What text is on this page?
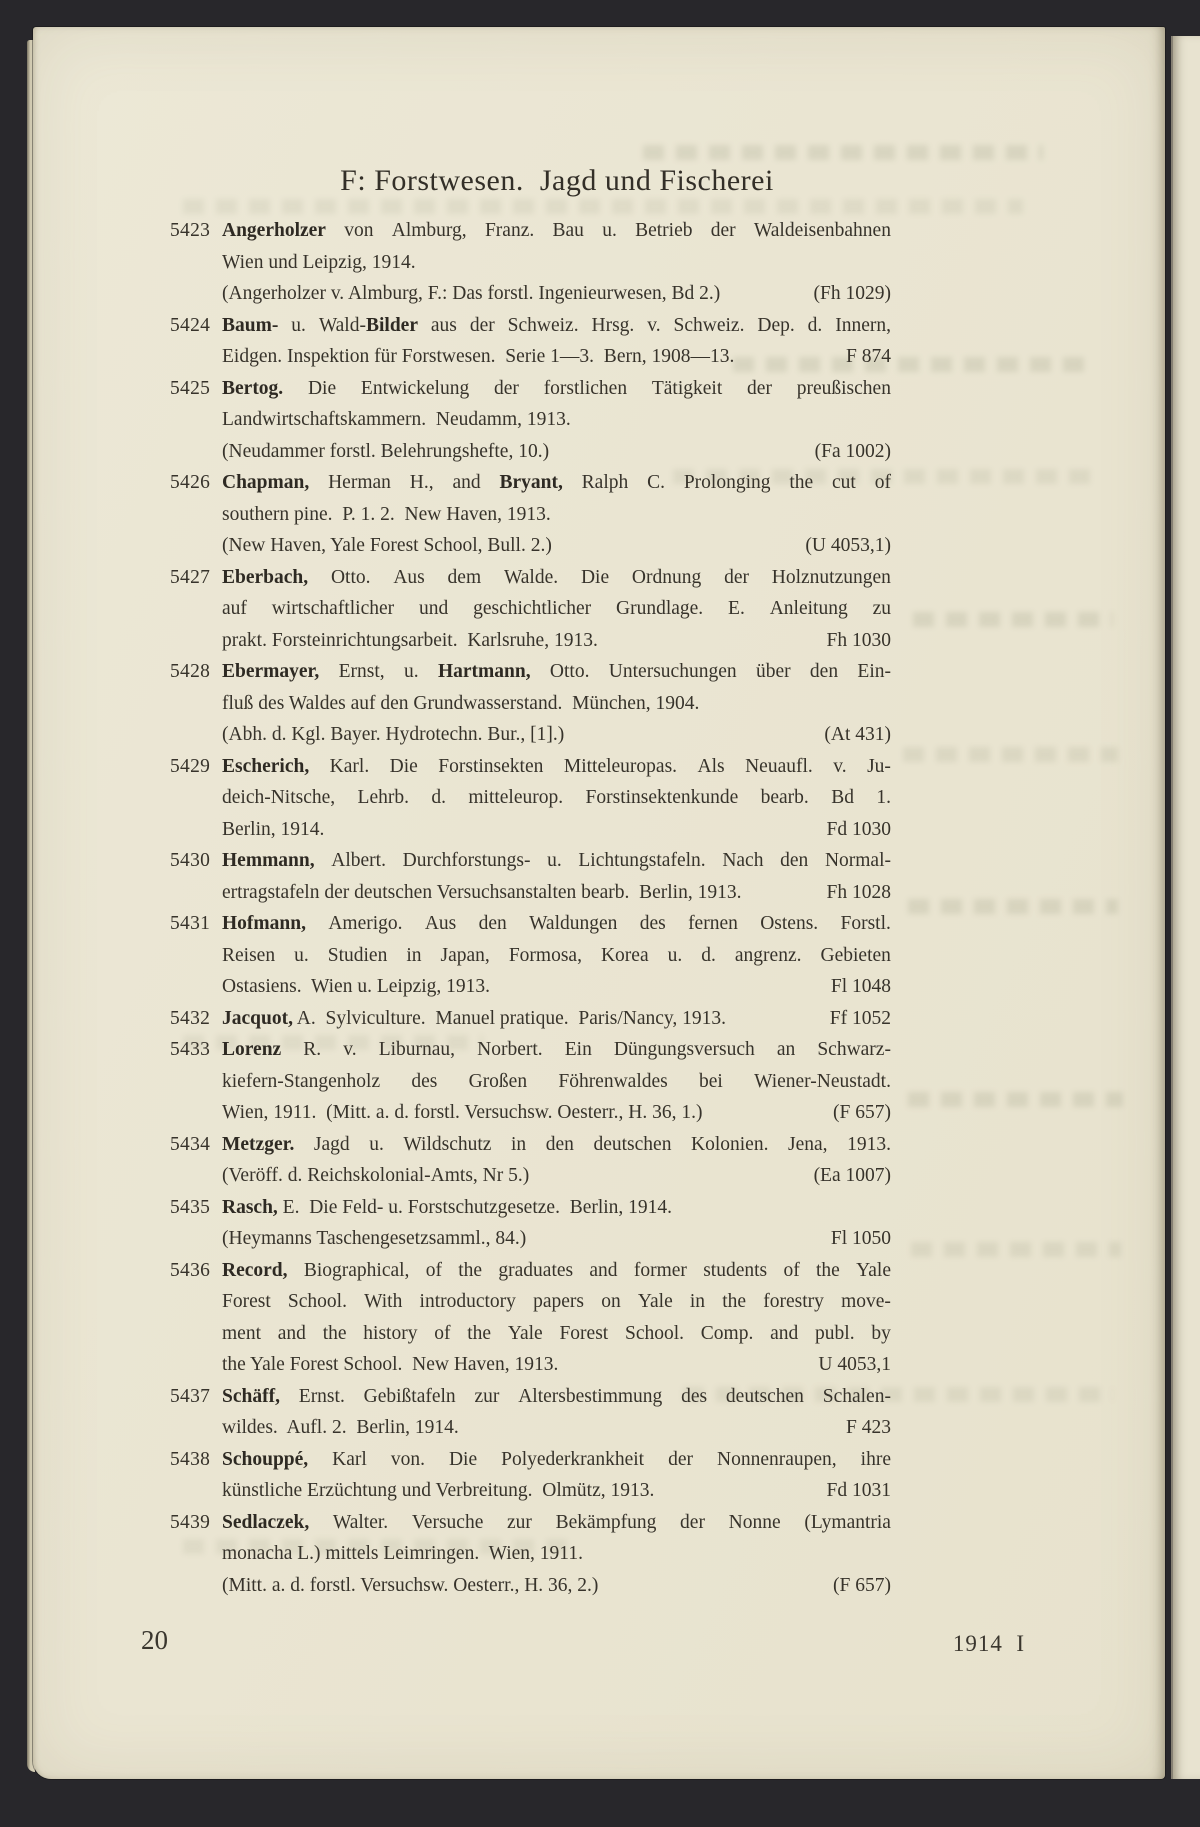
F: Forstwesen.  Jagd und Fischerei
5423 Angerholzer von Almburg, Franz. Bau u. Betrieb der Waldeisenbahnen
Wien und Leipzig, 1914.
(Angerholzer v. Almburg, F.: Das forstl. Ingenieurwesen, Bd 2.)	(Fh 1029)
5424 Baum- u. Wald-Bilder aus der Schweiz. Hrsg. v. Schweiz. Dep. d. Innern,
Eidgen. Inspektion für Forstwesen.  Serie 1—3.  Bern, 1908—13.	F 874
5425 Bertog. Die Entwickelung der forstlichen Tätigkeit der preußischen
Landwirtschaftskammern.  Neudamm, 1913.
(Neudammer forstl. Belehrungshefte, 10.)	(Fa 1002)
5426 Chapman, Herman H., and Bryant, Ralph C. Prolonging the cut of
southern pine.  P. 1. 2.  New Haven, 1913.
(New Haven, Yale Forest School, Bull. 2.)	(U 4053,1)
5427 Eberbach, Otto. Aus dem Walde. Die Ordnung der Holznutzungen
auf wirtschaftlicher und geschichtlicher Grundlage. E. Anleitung zu
prakt. Forsteinrichtungsarbeit.  Karlsruhe, 1913.	Fh 1030
5428 Ebermayer, Ernst, u. Hartmann, Otto. Untersuchungen über den Ein-
fluß des Waldes auf den Grundwasserstand.  München, 1904.
(Abh. d. Kgl. Bayer. Hydrotechn. Bur., [1].)	(At 431)
5429 Escherich, Karl. Die Forstinsekten Mitteleuropas. Als Neuaufl. v. Ju-
deich-Nitsche, Lehrb. d. mitteleurop. Forstinsektenkunde bearb. Bd 1.
Berlin, 1914.	Fd 1030
5430 Hemmann, Albert. Durchforstungs- u. Lichtungstafeln. Nach den Normal-
ertragstafeln der deutschen Versuchsanstalten bearb.  Berlin, 1913.	Fh 1028
5431 Hofmann, Amerigo. Aus den Waldungen des fernen Ostens. Forstl.
Reisen u. Studien in Japan, Formosa, Korea u. d. angrenz. Gebieten
Ostasiens.  Wien u. Leipzig, 1913.	Fl 1048
5432 Jacquot, A.  Sylviculture.  Manuel pratique.  Paris/Nancy, 1913.	Ff 1052
5433 Lorenz R. v. Liburnau, Norbert. Ein Düngungsversuch an Schwarz-
kiefern-Stangenholz des Großen Föhrenwaldes bei Wiener-Neustadt.
Wien, 1911.  (Mitt. a. d. forstl. Versuchsw. Oesterr., H. 36, 1.)	(F 657)
5434 Metzger. Jagd u. Wildschutz in den deutschen Kolonien. Jena, 1913.
(Veröff. d. Reichskolonial-Amts, Nr 5.)	(Ea 1007)
5435 Rasch, E.  Die Feld- u. Forstschutzgesetze.  Berlin, 1914.
(Heymanns Taschengesetzsamml., 84.)	Fl 1050
5436 Record, Biographical, of the graduates and former students of the Yale
Forest School. With introductory papers on Yale in the forestry move-
ment and the history of the Yale Forest School. Comp. and publ. by
the Yale Forest School.  New Haven, 1913.	U 4053,1
5437 Schäff, Ernst. Gebißtafeln zur Altersbestimmung des deutschen Schalen-
wildes.  Aufl. 2.  Berlin, 1914.	F 423
5438 Schouppé, Karl von. Die Polyederkrankheit der Nonnenraupen, ihre
künstliche Erzüchtung und Verbreitung.  Olmütz, 1913.	Fd 1031
5439 Sedlaczek, Walter. Versuche zur Bekämpfung der Nonne (Lymantria
monacha L.) mittels Leimringen.  Wien, 1911.
(Mitt. a. d. forstl. Versuchsw. Oesterr., H. 36, 2.)	(F 657)
20	1914  I
